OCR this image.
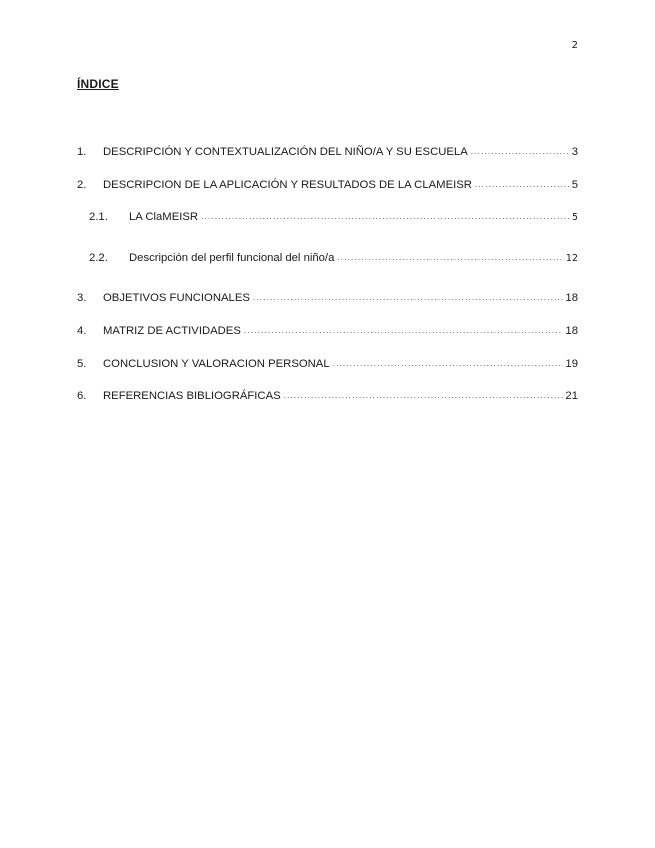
2
ÍNDICE
1.	DESCRIPCIÓN Y CONTEXTUALIZACIÓN DEL NIÑO/A Y SU ESCUELA .....	3
2.	DESCRIPCION DE LA APLICACIÓN Y RESULTADOS DE LA CLAMEISR .....	5
2.1.	LA ClaMEISR .....	5
2.2.	Descripción del perfil funcional del niño/a .....	12
3.	OBJETIVOS FUNCIONALES .....	18
4.	MATRIZ DE ACTIVIDADES .....	18
5.	CONCLUSION Y VALORACION PERSONAL .....	19
6.	REFERENCIAS BIBLIOGRÁFICAS .....	21
